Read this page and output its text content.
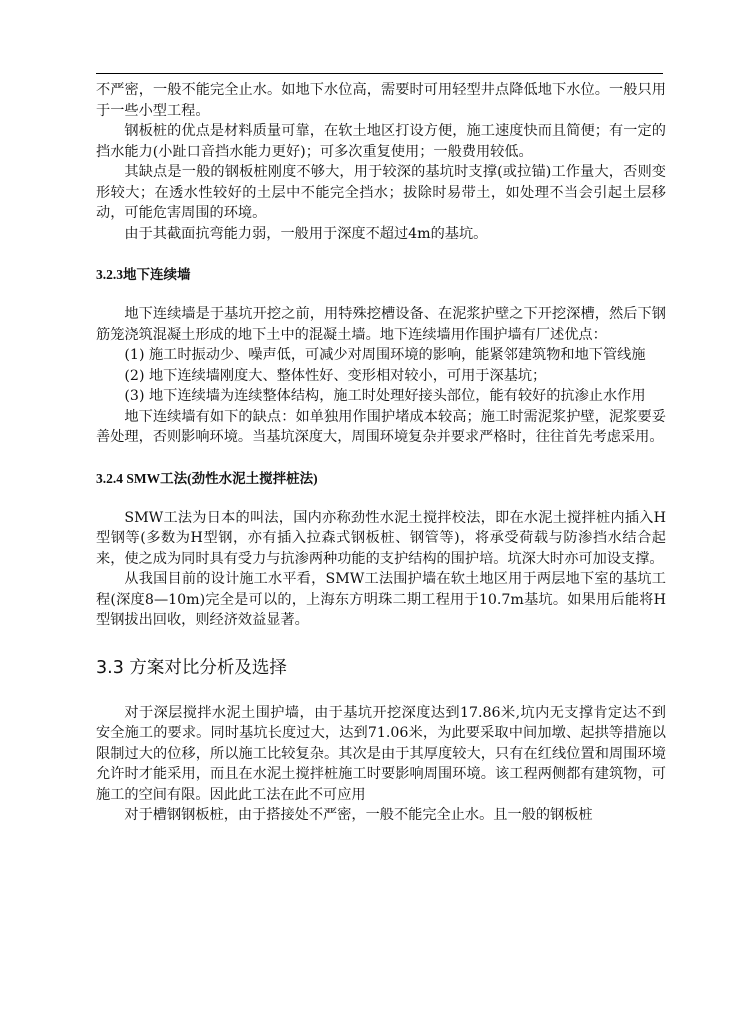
不严密，一般不能完全止水。如地下水位高，需要时可用轻型井点降低地下水位。一般只用于一些小型工程。

钢板桩的优点是材料质量可靠，在软土地区打设方便，施工速度快而且简便；有一定的挡水能力(小趾口音挡水能力更好)；可多次重复使用；一般费用较低。

其缺点是一般的钢板桩刚度不够大，用于较深的基坑时支撑(或拉锚)工作量大，否则变形较大；在透水性较好的土层中不能完全挡水；拔除时易带土，如处理不当会引起土层移动，可能危害周围的环境。

由于其截面抗弯能力弱，一般用于深度不超过4m的基坑。

3.2.3地下连续墙

地下连续墙是于基坑开挖之前，用特殊挖槽设备、在泥浆护壁之下开挖深槽，然后下钢筋笼浇筑混凝土形成的地下土中的混凝土墙。地下连续墙用作围护墙有厂述优点：

(1) 施工时振动少、噪声低，可减少对周围环境的影响，能紧邻建筑物和地下管线施

(2) 地下连续墙刚度大、整体性好、变形相对较小，可用于深基坑；

(3) 地下连续墙为连续整体结构，施工时处理好接头部位，能有较好的抗渗止水作用

地下连续墙有如下的缺点：如单独用作围护堵成本较高；施工时需泥浆护壁，泥浆要妥善处理，否则影响环境。当基坑深度大，周围环境复杂并要求严格时，往往首先考虑采用。

3.2.4 SMW工法(劲性水泥土搅拌桩法)

SMW工法为日本的叫法，国内亦称劲性水泥土搅拌校法，即在水泥土搅拌桩内插入H型钢等(多数为H型钢，亦有插入拉森式钢板桩、钢管等)，将承受荷载与防渗挡水结合起来，使之成为同时具有受力与抗渗两种功能的支护结构的围护培。坑深大时亦可加设支撑。

从我国目前的设计施工水平看，SMW工法围护墙在软土地区用于两层地下室的基坑工程(深度8—10m)完全是可以的，上海东方明珠二期工程用于10.7m基坑。如果用后能将H型钢拔出回收，则经济效益显著。

3.3 方案对比分析及选择

对于深层搅拌水泥土围护墙，由于基坑开挖深度达到17.86米,坑内无支撑肯定达不到安全施工的要求。同时基坑长度过大，达到71.06米，为此要采取中间加墩、起拱等措施以限制过大的位移，所以施工比较复杂。其次是由于其厚度较大，只有在红线位置和周围环境允许时才能采用，而且在水泥土搅拌桩施工时要影响周围环境。该工程两侧都有建筑物，可施工的空间有限。因此此工法在此不可应用

对于槽钢钢板桩，由于搭接处不严密，一般不能完全止水。且一般的钢板桩
